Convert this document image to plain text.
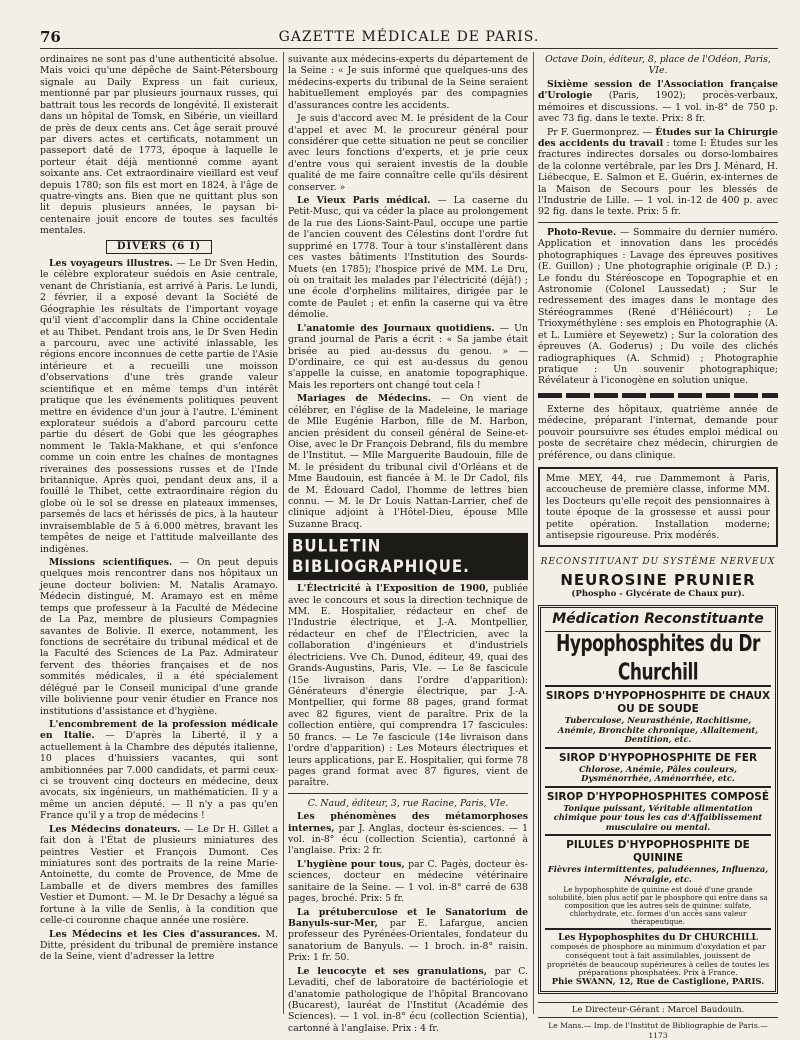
76	GAZETTE MÉDICALE DE PARIS.

ordinaires ne sont pas d'une authenticité absolue. Mais voici qu'une dépêche de Saint-Pétersbourg signale au Daily Express un fait curieux, mentionné par par plusieurs journaux russes, qui battrait tous les records de longévité. Il existerait dans un hôpital de Tomsk, en Sibérie, un vieillard de près de deux cents ans. Cet âge serait prouvé par divers actes et certificats, notamment un passeport daté de 1773, époque à laquelle le porteur était déjà mentionné comme ayant soixante ans. Cet extraordinaire vieillard est veuf depuis 1780; son fils est mort en 1824, à l'âge de quatre-vingts ans. Bien que ne quittant plus son lit depuis plusieurs années, le paysan bi-centenaire jouit encore de toutes ses facultés mentales.

DIVERS (6 I)

Les voyageurs illustres. — Le Dr Sven Hedin, le célèbre explorateur suédois en Asie centrale, venant de Christiania, est arrivé à Paris. Le lundi, 2 février, il a exposé devant la Société de Géographie les résultats de l'important voyage qu'il vient d'accomplir dans la Chine occidentale et au Thibet. Pendant trois ans, le Dr Sven Hedin a parcouru, avec une activité inlassable, les régions encore inconnues de cette partie de l'Asie intérieure et a recueilli une moisson d'observations d'une très grande valeur scientifique et en même temps d'un intérêt pratique que les événements politiques peuvent mettre en évidence d'un jour à l'autre. L'éminent explorateur suédois a d'abord parcouru cette partie du désert de Gobi que les géographes nomment le Takla-Makhane, et qui s'enfonce comme un coin entre les chaînes de montagnes riveraines des possessions russes et de l'Inde britannique. Après quoi, pendant deux ans, il a fouillé le Thibet, cette extraordinaire région du globe où le sol se dresse en plateaux immenses, parsemés de lacs et hérissés de pics, à la hauteur invraisemblable de 5 à 6.000 mètres, bravant les tempêtes de neige et l'attitude malveillante des indigènes.

Missions scientifiques. — On peut depuis quelques mois rencontrer dans nos hôpitaux un jeune docteur bolivien: M. Natalis Aramayo. Médecin distingué, M. Aramayo est en même temps que professeur à la Faculté de Médecine de La Paz, membre de plusieurs Compagnies savantes de Bolivie. Il exerce, notamment, les fonctions de secrétaire du tribunal médical et de la Faculté des Sciences de La Paz. Admirateur fervent des théories françaises et de nos sommités médicales, il a été spécialement délégué par le Conseil municipal d'une grande ville bolivienne pour venir étudier en France nos institutions d'assistance et d'hygiène.

L'encombrement de la profession médicale en Italie. — D'après la Liberté, il y a actuellement à la Chambre des députés italienne, 10 places d'huissiers vacantes, qui sont ambitionnées par 7.000 candidats, et parmi ceux-ci se trouvent cinq docteurs en médecine, deux avocats, six ingénieurs, un mathématicien. Il y a même un ancien député. — Il n'y a pas qu'en France qu'il y a trop de médecins !

Les Médecins donateurs. — Le Dr H. Gillet a fait don à l'État de plusieurs miniatures des peintres Vestier et François Dumont. Ces miniatures sont des portraits de la reine Marie-Antoinette, du comte de Provence, de Mme de Lamballe et de divers membres des familles Vestier et Dumont. — M. le Dr Desachy a légué sa fortune à la ville de Senlis, à la condition que celle-ci couronne chaque année une rosière.

Les Médecins et les Cies d'assurances. M. Ditte, président du tribunal de première instance de la Seine, vient d'adresser la lettre

suivante aux médecins-experts du département de la Seine : « Je suis informé que quelques-uns des médecins-experts du tribunal de la Seine seraient habituellement employés par des compagnies d'assurances contre les accidents.

Je suis d'accord avec M. le président de la Cour d'appel et avec M. le procureur général pour considérer que cette situation ne peut se concilier avec leurs fonctions d'experts, et je prie ceux d'entre vous qui seraient investis de la double qualité de me faire connaître celle qu'ils désirent conserver. »

Le Vieux Paris médical. — La caserne du Petit-Musc, qui va céder la place au prolongement de la rue des Lions-Saint-Paul, occupe une partie de l'ancien couvent des Célestins dont l'ordre fut supprimé en 1778. Tour à tour s'installèrent dans ces vastes bâtiments l'Institution des Sourds-Muets (en 1785); l'hospice privé de MM. Le Dru, où on traitait les malades par l'électricité (déjà!) ; une école d'orphelins militaires, dirigée par le comte de Paulet ; et enfin la caserne qui va être démolie.

L'anatomie des Journaux quotidiens. — Un grand journal de Paris a écrit : « Sa jambe était brisée au pied au-dessus du genou. » — D'ordinaire, ce qui est au-dessus du genou s'appelle la cuisse, en anatomie topographique. Mais les reporters ont changé tout cela !

Mariages de Médecins. — On vient de célébrer, en l'église de la Madeleine, le mariage de Mlle Eugénie Harbon, fille de M. Harbon, ancien président du conseil général de Seine-et-Oise, avec le Dr François Debrand, fils du membre de l'Institut. — Mlle Marguerite Baudouin, fille de M. le président du tribunal civil d'Orléans et de Mme Baudouin, est fiancée à M. le Dr Cadol, fils de M. Édouard Cadol, l'homme de lettres bien connu. — M. le Dr Louis Nattan-Larrier, chef de clinique adjoint à l'Hôtel-Dieu, épouse Mlle Suzanne Bracq.

BULLETIN BIBLIOGRAPHIQUE.

L'Électricité à l'Exposition de 1900, publiée avec le concours et sous la direction technique de MM. E. Hospitalier, rédacteur en chef de l'Industrie électrique, et J.-A. Montpellier, rédacteur en chef de l'Électricien, avec la collaboration d'ingénieurs et d'industriels électriciens. Vve Ch. Dunod, éditeur, 49, quai des Grands-Augustins, Paris, VIe. — Le 8e fascicule (15e livraison dans l'ordre d'apparition): Générateurs d'énergie électrique, par J.-A. Montpellier, qui forme 88 pages, grand format avec 82 figures, vient de paraître. Prix de la collection entière, qui comprendra 17 fascicules: 50 francs. — Le 7e fascicule (14e livraison dans l'ordre d'apparition) : Les Moteurs électriques et leurs applications, par E. Hospitalier, qui forme 78 pages grand format avec 87 figures, vient de paraître.

C. Naud, éditeur, 3, rue Racine, Paris, VIe.

Les phénomènes des métamorphoses internes, par J. Anglas, docteur ès-sciences. — 1 vol. in-8° écu (collection Scientia), cartonné à l'anglaise. Prix: 2 fr.

L'hygiène pour tous, par C. Pagès, docteur ès-sciences, docteur en médecine vétérinaire sanitaire de la Seine. — 1 vol. in-8° carré de 638 pages, broché. Prix: 5 fr.

La prétuberculose et le Sanatorium de Banyuls-sur-Mer, par E. Lafargue, ancien professeur des Pyrénées-Orientales, fondateur du sanatorium de Banyuls. — 1 broch. in-8° raisin. Prix: 1 fr. 50.

Le leucocyte et ses granulations, par C. Levaditi, chef de laboratoire de bactériologie et d'anatomie pathologique de l'hôpital Brancovano (Bucarest), lauréat de l'Institut (Académie des Sciences). — 1 vol. in-8° écu (collection Scientia), cartonné à l'anglaise. Prix : 4 fr.

Octave Doin, éditeur, 8, place de l'Odéon, Paris, VIe.

Sixième session de l'Association française d'Urologie (Paris, 1902); procès-verbaux, mémoires et discussions. — 1 vol. in-8° de 750 p. avec 73 fig. dans le texte. Prix: 8 fr.

Pr F. Guermonprez. — Études sur la Chirurgie des accidents du travail : tome I: Études sur les fractures indirectes dorsales ou dorso-lombaires de la colonne vertébrale, par les Drs J. Ménard, H. Liébecque, E. Salmon et E. Guérin, ex-internes de la Maison de Secours pour les blessés de l'Industrie de Lille. — 1 vol. in-12 de 400 p. avec 92 fig. dans le texte. Prix: 5 fr.

Photo-Revue. — Sommaire du dernier numéro. Application et innovation dans les procédés photographiques : Lavage des épreuves positives (E. Guillon) ; Une photographie originale (P. D.) ; Le fondu du Stéréoscope en Topographie et en Astronomie (Colonel Laussedat) ; Sur le redressement des images dans le montage des Stéréogrammes (René d'Héliécourt) ; Le Trioxyméthylène : ses emplois en Photographie (A. et L. Lumière et Seyewetz) ; Sur la coloration des épreuves (A. Goderus) ; Du voile des clichés radiographiques (A. Schmid) ; Photographie pratique : Un souvenir photographique; Révélateur à l'iconogène en solution unique.

Externe des hôpitaux, quatrième année de médecine, préparant l'internat, demande pour pouvoir poursuivre ses études emploi médical ou poste de secrétaire chez médecin, chirurgien de préférence, ou dans clinique.

Mme MEY, 44, rue Dammemont à Paris, accoucheuse de première classe, informe MM. les Docteurs qu'elle reçoit des pensionnaires à toute époque de la grossesse et aussi pour petite opération. Installation moderne; antisepsie rigoureuse. Prix modérés.
RECONSTITUANT DU SYSTÈME NERVEUX
NEUROSINE PRUNIER
(Phospho - Glycérate de Chaux pur).
Médication Reconstituante
Hypophosphites du Dr Churchill
SIROPS D'HYPOPHOSPHITE DE CHAUX OU DE SOUDE
Tuberculose, Neurasthénie, Rachitisme, Anémie, Bronchite chronique, Allaitement, Dentition, etc.
SIROP D'HYPOPHOSPHITE DE FER
Chlorose, Anémie, Pâles couleurs, Dysménorrhée, Aménorrhée, etc.
SIROP D'HYPOPHOSPHITES COMPOSÉ
Tonique puissant, Véritable alimentation chimique pour tous les cas d'Affaiblissement musculaire ou mental.
PILULES D'HYPOPHOSPHITE DE QUININE
Fièvres intermittentes, paludéennes, Influenza, Névralgie, etc.
Le hypophosphite de quinine est doué d'une grande solubilité, bien plus actif par le phosphore qui entre dans sa composition que les autres sels de quinine: sulfate, chlorhydrate, etc. formes d'un accès sans valeur thérapeutique.
Les Hypophosphites du Dr CHURCHILL
composés de phosphore au minimum d'oxydation et par conséquent tout à fait assimilables, jouissent de propriétés de beaucoup supérieures à celles de toutes les préparations phosphatées. Prix à France.
Phie SWANN, 12, Rue de Castiglione, PARIS.
Le Directeur-Gérant : Marcel Baudouin.
Le Mans.— Imp. de l'Institut de Bibliographie de Paris.— 1173
